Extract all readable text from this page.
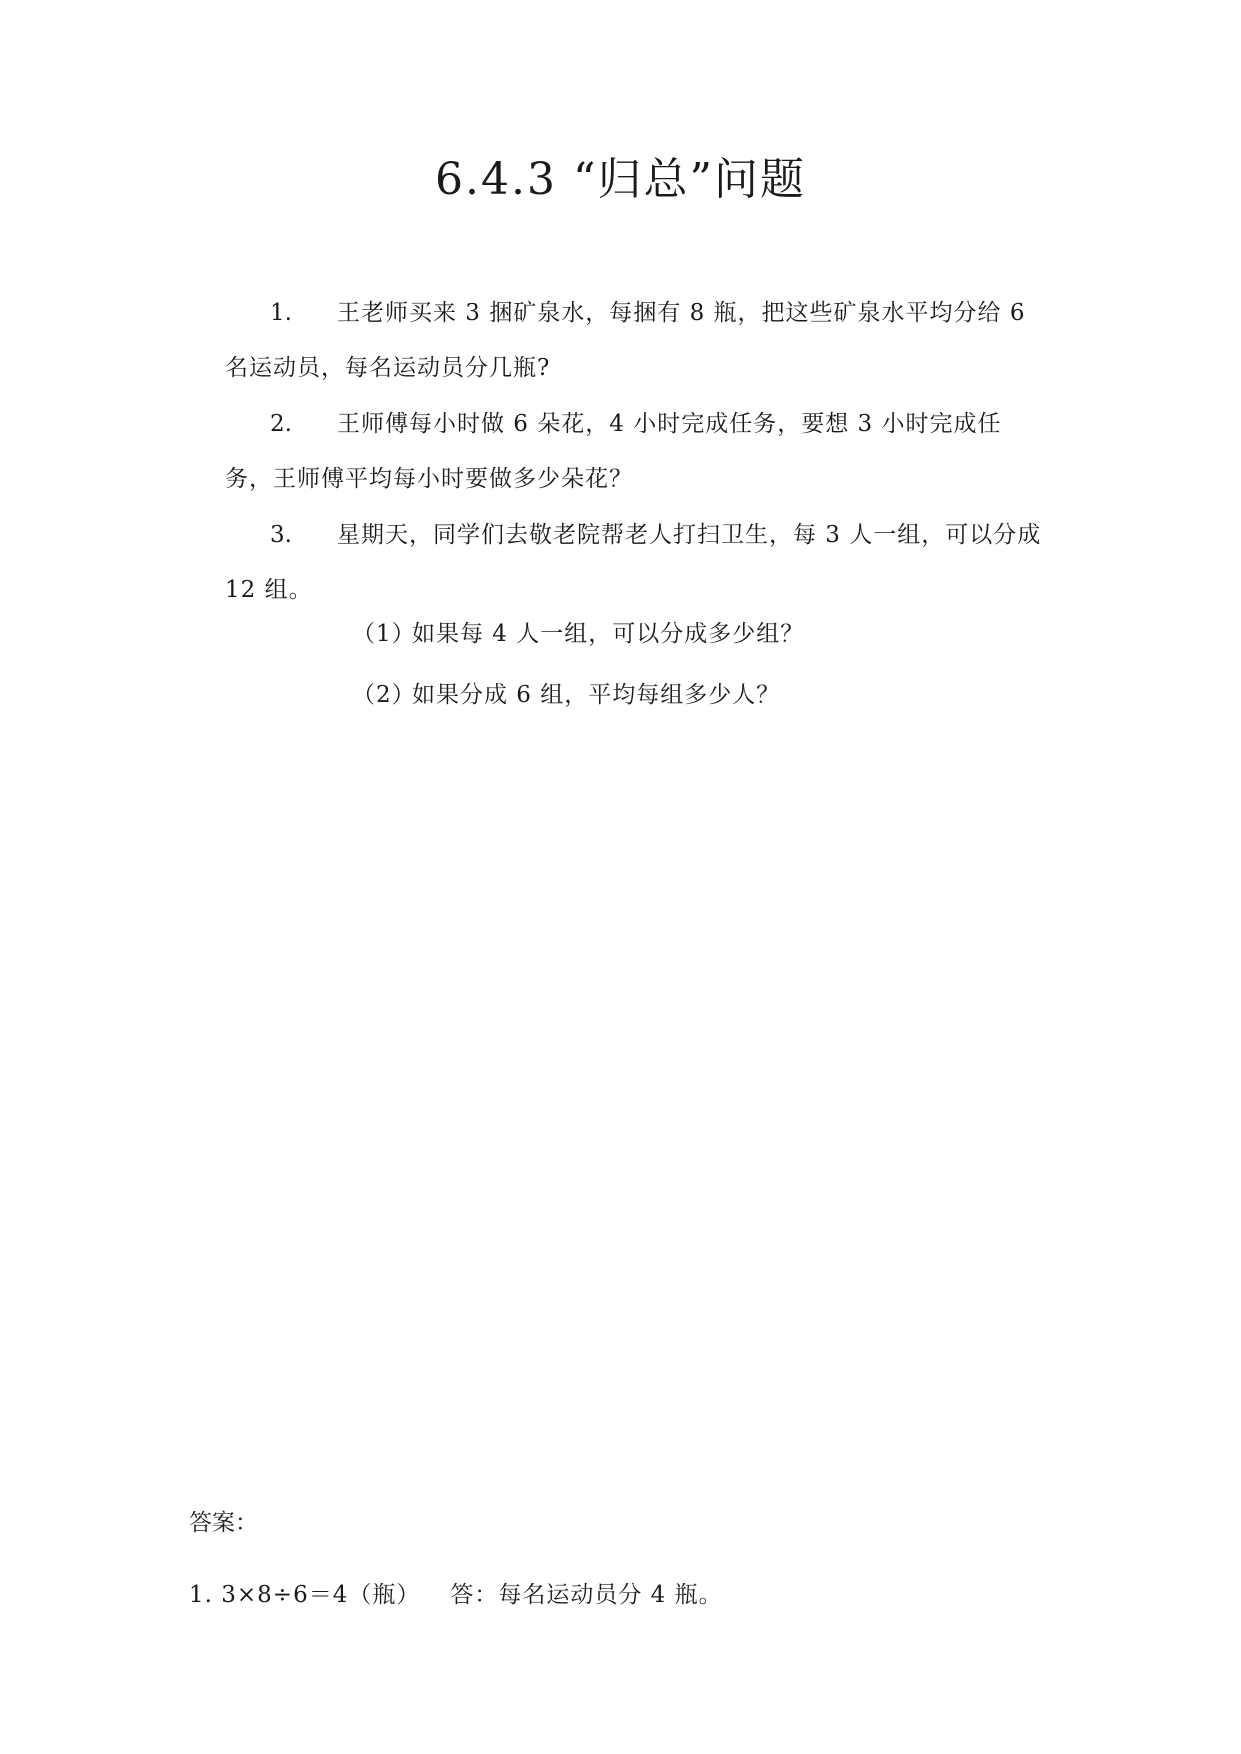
6.4.3 “归总”问题
1. 王老师买来 3 捆矿泉水，每捆有 8 瓶，把这些矿泉水平均分给 6 名运动员，每名运动员分几瓶?
2. 王师傅每小时做 6 朵花，4 小时完成任务，要想 3 小时完成任务，王师傅平均每小时要做多少朵花？
3. 星期天，同学们去敬老院帮老人打扫卫生，每 3 人一组，可以分成 12 组。
（1）如果每 4 人一组，可以分成多少组？
（2）如果分成 6 组，平均每组多少人？
答案：
1. 3×8÷6＝4（瓶） 答：每名运动员分 4 瓶。
